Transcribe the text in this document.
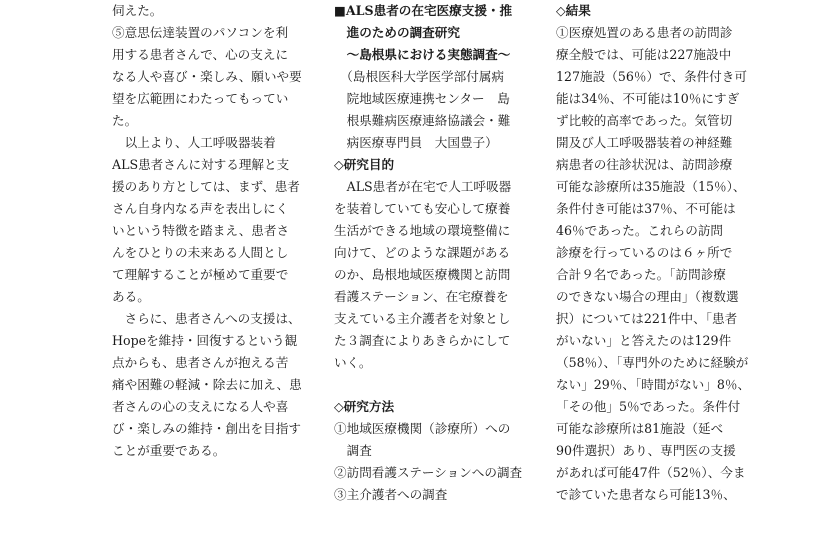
伺えた。
⑤意思伝達装置のパソコンを利
用する患者さんで、心の支えに
なる人や喜び・楽しみ、願いや要
望を広範囲にわたってもってい
た。
　以上より、人工呼吸器装着
ALS患者さんに対する理解と支
援のあり方としては、まず、患者
さん自身内なる声を表出しにく
いという特徴を踏まえ、患者さ
んをひとりの未来ある人間とし
て理解することが極めて重要で
ある。
　さらに、患者さんへの支援は、
Hopeを維持・回復するという観
点からも、患者さんが抱える苦
痛や困難の軽減・除去に加え、患
者さんの心の支えになる人や喜
び・楽しみの維持・創出を目指す
ことが重要である。
■ALS患者の在宅医療支援・推
　進のための調査研究
　～島根県における実態調査～
　（島根医科大学医学部付属病
　院地域医療連携センター　島
　根県難病医療連絡協議会・難
　病医療専門員　大国豊子）
◇研究目的
　ALS患者が在宅で人工呼吸器
を装着していても安心して療養
生活ができる地域の環境整備に
向けて、どのような課題がある
のか、島根地域医療機関と訪問
看護ステーション、在宅療養を
支えている主介護者を対象とし
た３調査によりあきらかにして
いく。
◇研究方法
①地域医療機関（診療所）への
　調査
②訪問看護ステーションへの調査
③主介護者への調査
◇結果
①医療処置のある患者の訪問診
療全般では、可能は227施設中
127施設（56％）で、条件付き可
能は34％、不可能は10％にすぎ
ず比較的高率であった。気管切
開及び人工呼吸器装着の神経難
病患者の往診状況は、訪問診療
可能な診療所は35施設（15％）、
条件付き可能は37％、不可能は
46％であった。これらの訪問
診療を行っているのは６ヶ所で
合計９名であった。「訪問診療
のできない場合の理由」（複数選
択）については221件中、「患者
がいない」と答えたのは129件
（58％）、「専門外のために経験が
ない」29％、「時間がない」8％、
「その他」5％であった。条件付
可能な診療所は81施設（延べ
90件選択）あり、専門医の支援
があれば可能47件（52％）、今ま
で診ていた患者なら可能13％、
